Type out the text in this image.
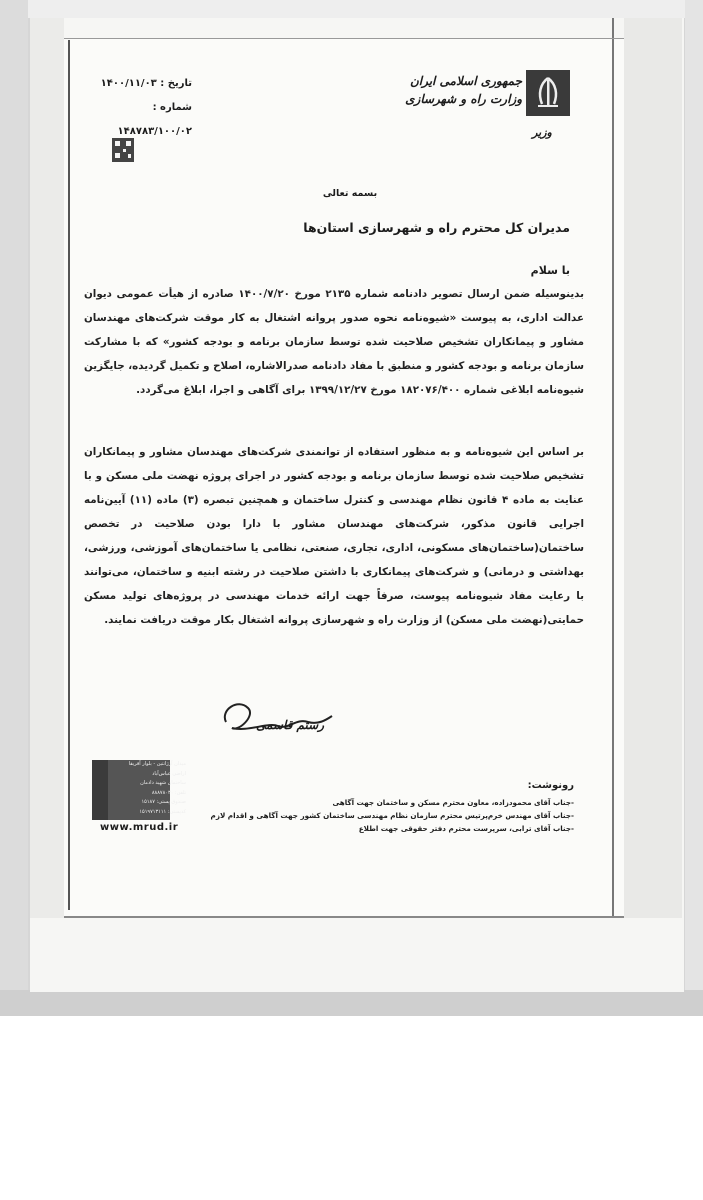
جمهوری اسلامی ایران
وزارت راه و شهرسازی
وزیر
تاریخ : ۱۴۰۰/۱۱/۰۳
شماره : ۱۴۸۷۸۳/۱۰۰/۰۲
بسمه تعالی
مدیران کل محترم راه و شهرسازی استان‌ها
با سلام
بدینوسیله ضمن ارسال تصویر دادنامه شماره ۲۱۳۵ مورخ ۱۴۰۰/۷/۲۰ صادره از هیأت عمومی دیوان عدالت اداری، به پیوست «شیوه‌نامه نحوه صدور پروانه اشتغال به کار موقت شرکت‌های مهندسان مشاور و پیمانکاران تشخیص صلاحیت شده توسط سازمان برنامه و بودجه کشور» که با مشارکت سازمان برنامه و بودجه کشور و منطبق با مفاد دادنامه صدرالاشاره، اصلاح و تکمیل گردیده، جایگزین شیوه‌نامه ابلاغی شماره ۱۸۲۰۷۶/۴۰۰ مورخ ۱۳۹۹/۱۲/۲۷ برای آگاهی و اجرا، ابلاغ می‌گردد.
بر اساس این شیوه‌نامه و به منظور استفاده از توانمندی شرکت‌های مهندسان مشاور و پیمانکاران تشخیص صلاحیت شده توسط سازمان برنامه و بودجه کشور در اجرای پروژه نهضت ملی مسکن و با عنایت به ماده ۴ قانون نظام مهندسی و کنترل ساختمان و همچنین تبصره (۳) ماده (۱۱) آیین‌نامه اجرایی قانون مذکور، شرکت‌های مهندسان مشاور با دارا بودن صلاحیت در تخصص ساختمان(ساختمان‌های مسکونی، اداری، تجاری، صنعتی، نظامی یا ساختمان‌های آموزشی، ورزشی، بهداشتی و درمانی) و شرکت‌های پیمانکاری با داشتن صلاحیت در رشته ابنیه و ساختمان، می‌توانند با رعایت مفاد شیوه‌نامه پیوست، صرفاً جهت ارائه خدمات مهندسی در پروژه‌های تولید مسکن حمایتی(نهضت ملی مسکن) از وزارت راه و شهرسازی پروانه اشتغال بکار موقت دریافت نمایند.
رستم قاسمی
میدان آرژانتین - بلوار آفریقا
اراضی عباس‌آباد
ساختمان شهید دادمان
تلفن: ۸۸۸۷۸۰۳۰
صندوق پستی: ۱۵۱۸۷
کدپستی: ۱۵۱۹۷۱۳۱۱۱
www.mrud.ir
رونوشت:
-جناب آقای محمودزاده، معاون محترم مسکن و ساختمان جهت آگاهی
-جناب آقای مهندس خرم‌پرتیس محترم سازمان نظام مهندسی ساختمان کشور جهت آگاهی و اقدام لازم
-جناب آقای ترابی، سرپرست محترم دفتر حقوقی جهت اطلاع
